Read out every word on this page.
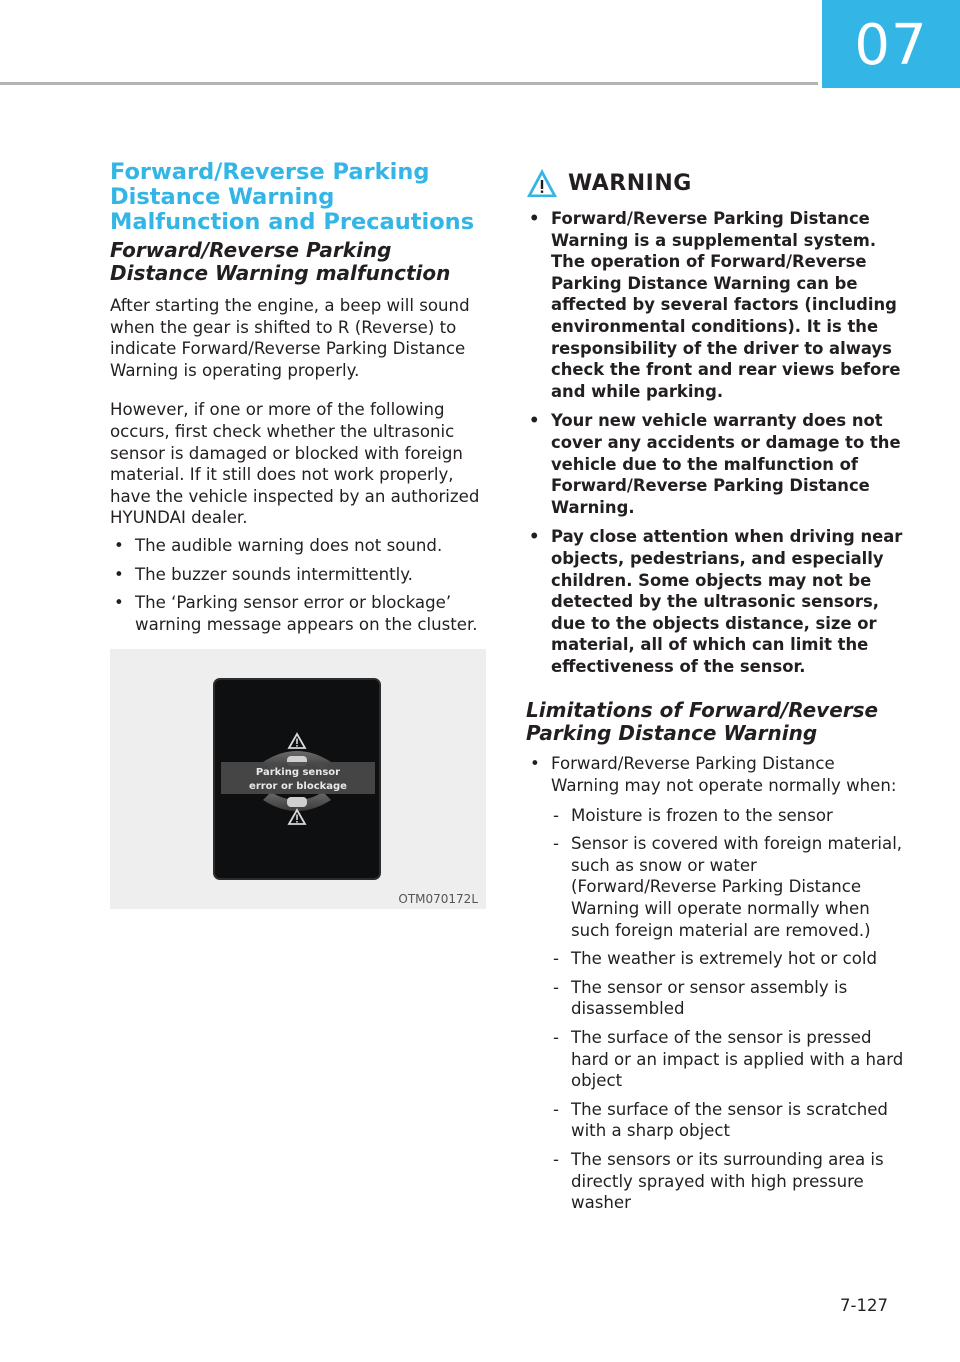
07
Forward/Reverse Parking Distance Warning Malfunction and Precautions
Forward/Reverse Parking Distance Warning malfunction

After starting the engine, a beep will sound when the gear is shifted to R (Reverse) to indicate Forward/Reverse Parking Distance Warning is operating properly.

However, if one or more of the following occurs, first check whether the ultrasonic sensor is damaged or blocked with foreign material. If it still does not work properly, have the vehicle inspected by an authorized HYUNDAI dealer.

• The audible warning does not sound.
• The buzzer sounds intermittently.
• The ‘Parking sensor error or blockage’ warning message appears on the cluster.
Parking sensor
error or blockage
OTM070172L
WARNING
• Forward/Reverse Parking Distance Warning is a supplemental system. The operation of Forward/Reverse Parking Distance Warning can be affected by several factors (including environmental conditions). It is the responsibility of the driver to always check the front and rear views before and while parking.
• Your new vehicle warranty does not cover any accidents or damage to the vehicle due to the malfunction of Forward/Reverse Parking Distance Warning.
• Pay close attention when driving near objects, pedestrians, and especially children. Some objects may not be detected by the ultrasonic sensors, due to the objects distance, size or material, all of which can limit the effectiveness of the sensor.
Limitations of Forward/Reverse Parking Distance Warning
• Forward/Reverse Parking Distance Warning may not operate normally when:
- Moisture is frozen to the sensor
- Sensor is covered with foreign material, such as snow or water (Forward/Reverse Parking Distance Warning will operate normally when such foreign material are removed.)
- The weather is extremely hot or cold
- The sensor or sensor assembly is disassembled
- The surface of the sensor is pressed hard or an impact is applied with a hard object
- The surface of the sensor is scratched with a sharp object
- The sensors or its surrounding area is directly sprayed with high pressure washer
7-127
